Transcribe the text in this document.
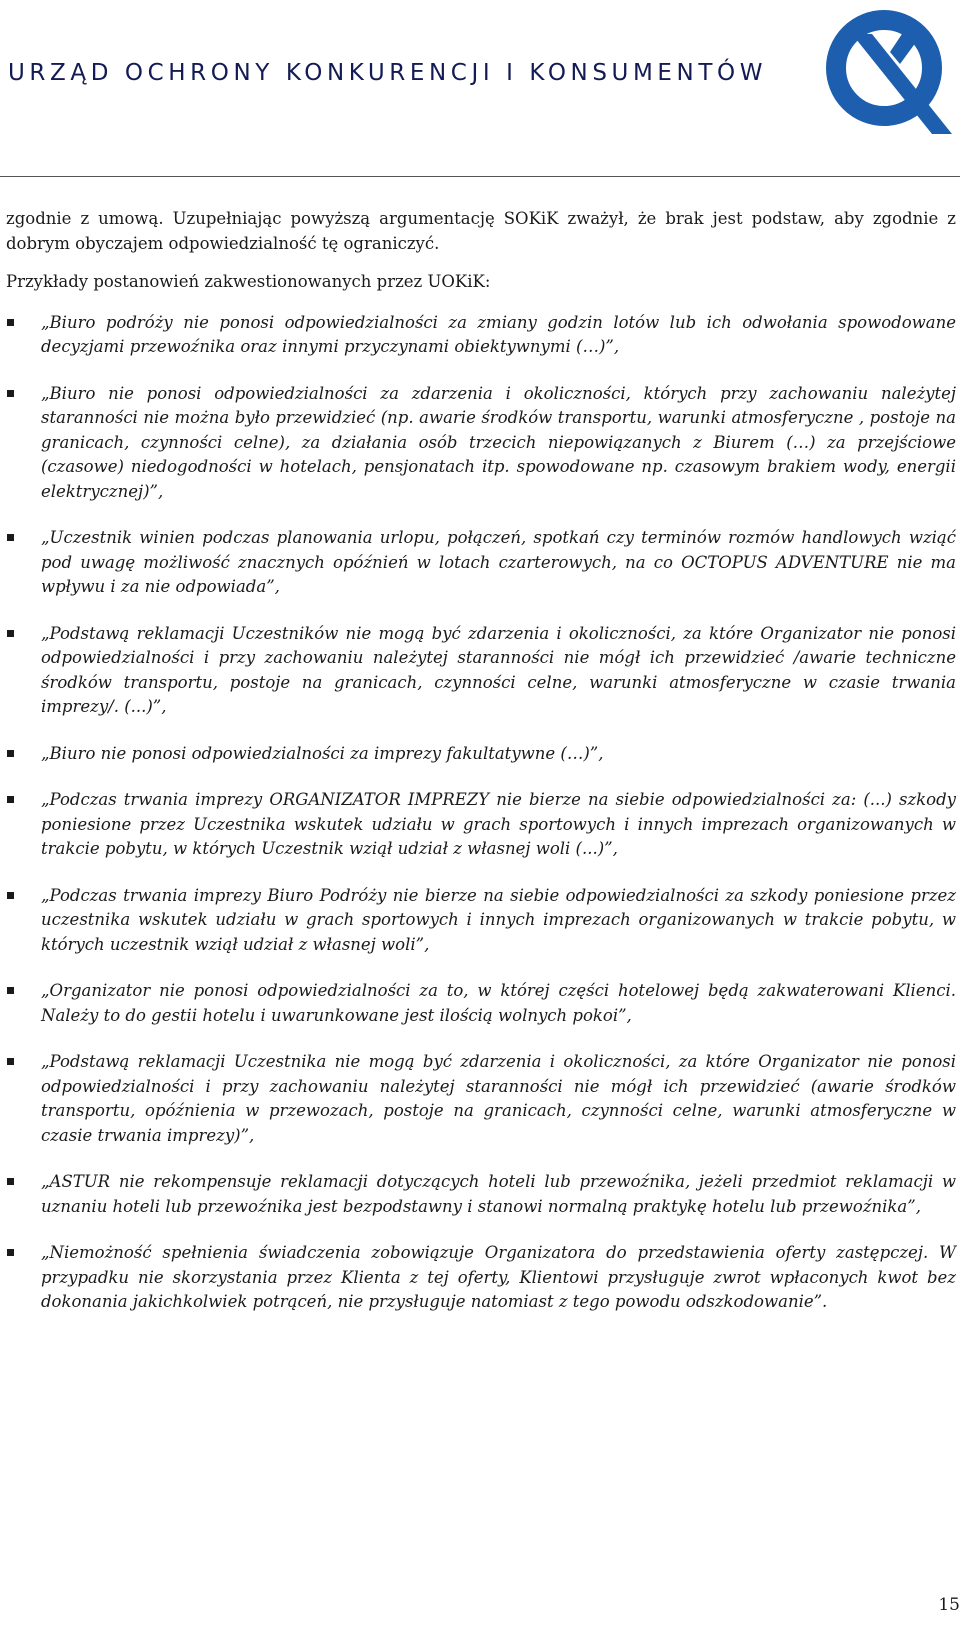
URZĄD OCHRONY KONKURENCJI I KONSUMENTÓW

zgodnie z umową. Uzupełniając powyższą argumentację SOKiK zważył, że brak jest podstaw, aby zgodnie z dobrym obyczajem odpowiedzialność tę ograniczyć.

Przykłady postanowień zakwestionowanych przez UOKiK:

„Biuro podróży nie ponosi odpowiedzialności za zmiany godzin lotów lub ich odwołania spowodowane decyzjami przewoźnika oraz innymi przyczynami obiektywnymi (…)”,
„Biuro nie ponosi odpowiedzialności za zdarzenia i okoliczności, których przy zachowaniu należytej staranności nie można było przewidzieć (np. awarie środków transportu, warunki atmosferyczne , postoje na granicach, czynności celne), za działania osób trzecich niepowiązanych z Biurem (…) za przejściowe (czasowe) niedogodności w hotelach, pensjonatach itp. spowodowane np. czasowym brakiem wody, energii elektrycznej)”,
„Uczestnik winien podczas planowania urlopu, połączeń, spotkań czy terminów rozmów handlowych wziąć pod uwagę możliwość znacznych opóźnień w lotach czarterowych, na co OCTOPUS ADVENTURE nie ma wpływu i za nie odpowiada”,
„Podstawą reklamacji Uczestników nie mogą być zdarzenia i okoliczności, za które Organizator nie ponosi odpowiedzialności i przy zachowaniu należytej staranności nie mógł ich przewidzieć /awarie techniczne środków transportu, postoje na granicach, czynności celne, warunki atmosferyczne w czasie trwania imprezy/. (...)”,
„Biuro nie ponosi odpowiedzialności za imprezy fakultatywne (…)”,
„Podczas trwania imprezy ORGANIZATOR IMPREZY nie bierze na siebie odpowiedzialności za: (...) szkody poniesione przez Uczestnika wskutek udziału w grach sportowych i innych imprezach organizowanych w trakcie pobytu, w których Uczestnik wziął udział z własnej woli (...)”,
„Podczas trwania imprezy Biuro Podróży nie bierze na siebie odpowiedzialności za szkody poniesione przez uczestnika wskutek udziału w grach sportowych i innych imprezach organizowanych w trakcie pobytu, w których uczestnik wziął udział z własnej woli”,
„Organizator nie ponosi odpowiedzialności za to, w której części hotelowej będą zakwaterowani Klienci. Należy to do gestii hotelu i uwarunkowane jest ilością wolnych pokoi”,
„Podstawą reklamacji Uczestnika nie mogą być zdarzenia i okoliczności, za które Organizator nie ponosi odpowiedzialności i przy zachowaniu należytej staranności nie mógł ich przewidzieć (awarie środków transportu, opóźnienia w przewozach, postoje na granicach, czynności celne, warunki atmosferyczne w czasie trwania imprezy)”,
„ASTUR nie rekompensuje reklamacji dotyczących hoteli lub przewoźnika, jeżeli przedmiot reklamacji w uznaniu hoteli lub przewoźnika jest bezpodstawny i stanowi normalną praktykę hotelu lub przewoźnika”,
„Niemożność spełnienia świadczenia zobowiązuje Organizatora do przedstawienia oferty zastępczej. W przypadku nie skorzystania przez Klienta z tej oferty, Klientowi przysługuje zwrot wpłaconych kwot bez dokonania jakichkolwiek potrąceń, nie przysługuje natomiast z tego powodu odszkodowanie”.
15
